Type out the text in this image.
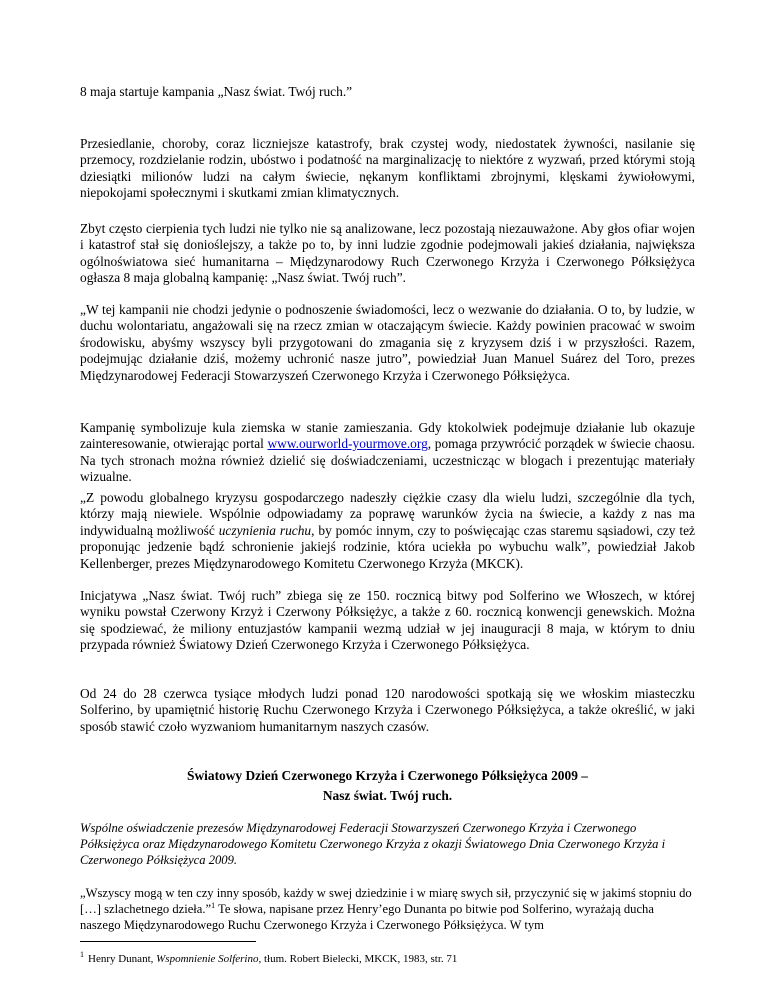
8 maja startuje kampania „Nasz świat. Twój ruch.”

Przesiedlanie, choroby, coraz liczniejsze katastrofy, brak czystej wody, niedostatek żywności, nasilanie się przemocy, rozdzielanie rodzin, ubóstwo i podatność na marginalizację to niektóre z wyzwań, przed którymi stoją dziesiątki milionów ludzi na całym świecie, nękanym konfliktami zbrojnymi, klęskami żywiołowymi, niepokojami społecznymi i skutkami zmian klimatycznych.

Zbyt często cierpienia tych ludzi nie tylko nie są analizowane, lecz pozostają niezauważone. Aby głos ofiar wojen i katastrof stał się donioślejszy, a także po to, by inni ludzie zgodnie podejmowali jakieś działania, największa ogólnoświatowa sieć humanitarna – Międzynarodowy Ruch Czerwonego Krzyża i Czerwonego Półksiężyca ogłasza 8 maja globalną kampanię: „Nasz świat. Twój ruch”.

„W tej kampanii nie chodzi jedynie o podnoszenie świadomości, lecz o wezwanie do działania. O to, by ludzie, w duchu wolontariatu, angażowali się na rzecz zmian w otaczającym świecie. Każdy powinien pracować w swoim środowisku, abyśmy wszyscy byli przygotowani do zmagania się z kryzysem dziś i w przyszłości. Razem, podejmując działanie dziś, możemy uchronić nasze jutro”, powiedział Juan Manuel Suárez del Toro, prezes Międzynarodowej Federacji Stowarzyszeń Czerwonego Krzyża i Czerwonego Półksiężyca.

Kampanię symbolizuje kula ziemska w stanie zamieszania. Gdy ktokolwiek podejmuje działanie lub okazuje zainteresowanie, otwierając portal www.ourworld-yourmove.org, pomaga przywrócić porządek w świecie chaosu. Na tych stronach można również dzielić się doświadczeniami, uczestnicząc w blogach i prezentując materiały wizualne.

„Z powodu globalnego kryzysu gospodarczego nadeszły ciężkie czasy dla wielu ludzi, szczególnie dla tych, którzy mają niewiele. Wspólnie odpowiadamy za poprawę warunków życia na świecie, a każdy z nas ma indywidualną możliwość uczynienia ruchu, by pomóc innym, czy to poświęcając czas staremu sąsiadowi, czy też proponując jedzenie bądź schronienie jakiejś rodzinie, która uciekła po wybuchu walk”, powiedział Jakob Kellenberger, prezes Międzynarodowego Komitetu Czerwonego Krzyża (MKCK).

Inicjatywa „Nasz świat. Twój ruch” zbiega się ze 150. rocznicą bitwy pod Solferino we Włoszech, w której wyniku powstał Czerwony Krzyż i Czerwony Półksiężyc, a także z 60. rocznicą konwencji genewskich. Można się spodziewać, że miliony entuzjastów kampanii wezmą udział w jej inauguracji 8 maja, w którym to dniu przypada również Światowy Dzień Czerwonego Krzyża i Czerwonego Półksiężyca.

Od 24 do 28 czerwca tysiące młodych ludzi ponad 120 narodowości spotkają się we włoskim miasteczku Solferino, by upamiętnić historię Ruchu Czerwonego Krzyża i Czerwonego Półksiężyca, a także określić, w jaki sposób stawić czoło wyzwaniom humanitarnym naszych czasów.

Światowy Dzień Czerwonego Krzyża i Czerwonego Półksiężyca 2009 –
Nasz świat. Twój ruch.

Wspólne oświadczenie prezesów Międzynarodowej Federacji Stowarzyszeń Czerwonego Krzyża i Czerwonego Półksiężyca oraz Międzynarodowego Komitetu Czerwonego Krzyża z okazji Światowego Dnia Czerwonego Krzyża i Czerwonego Półksiężyca 2009.

„Wszyscy mogą w ten czy inny sposób, każdy w swej dziedzinie i w miarę swych sił, przyczynić się w jakimś stopniu do […] szlachetnego dzieła.”$^1$ Te słowa, napisane przez Henry’ego Dunanta po bitwie pod Solferino, wyrażają ducha naszego Międzynarodowego Ruchu Czerwonego Krzyża i Czerwonego Półksiężyca. W tym

$^1$ Henry Dunant, Wspomnienie Solferino, tłum. Robert Bielecki, MKCK, 1983, str. 71
